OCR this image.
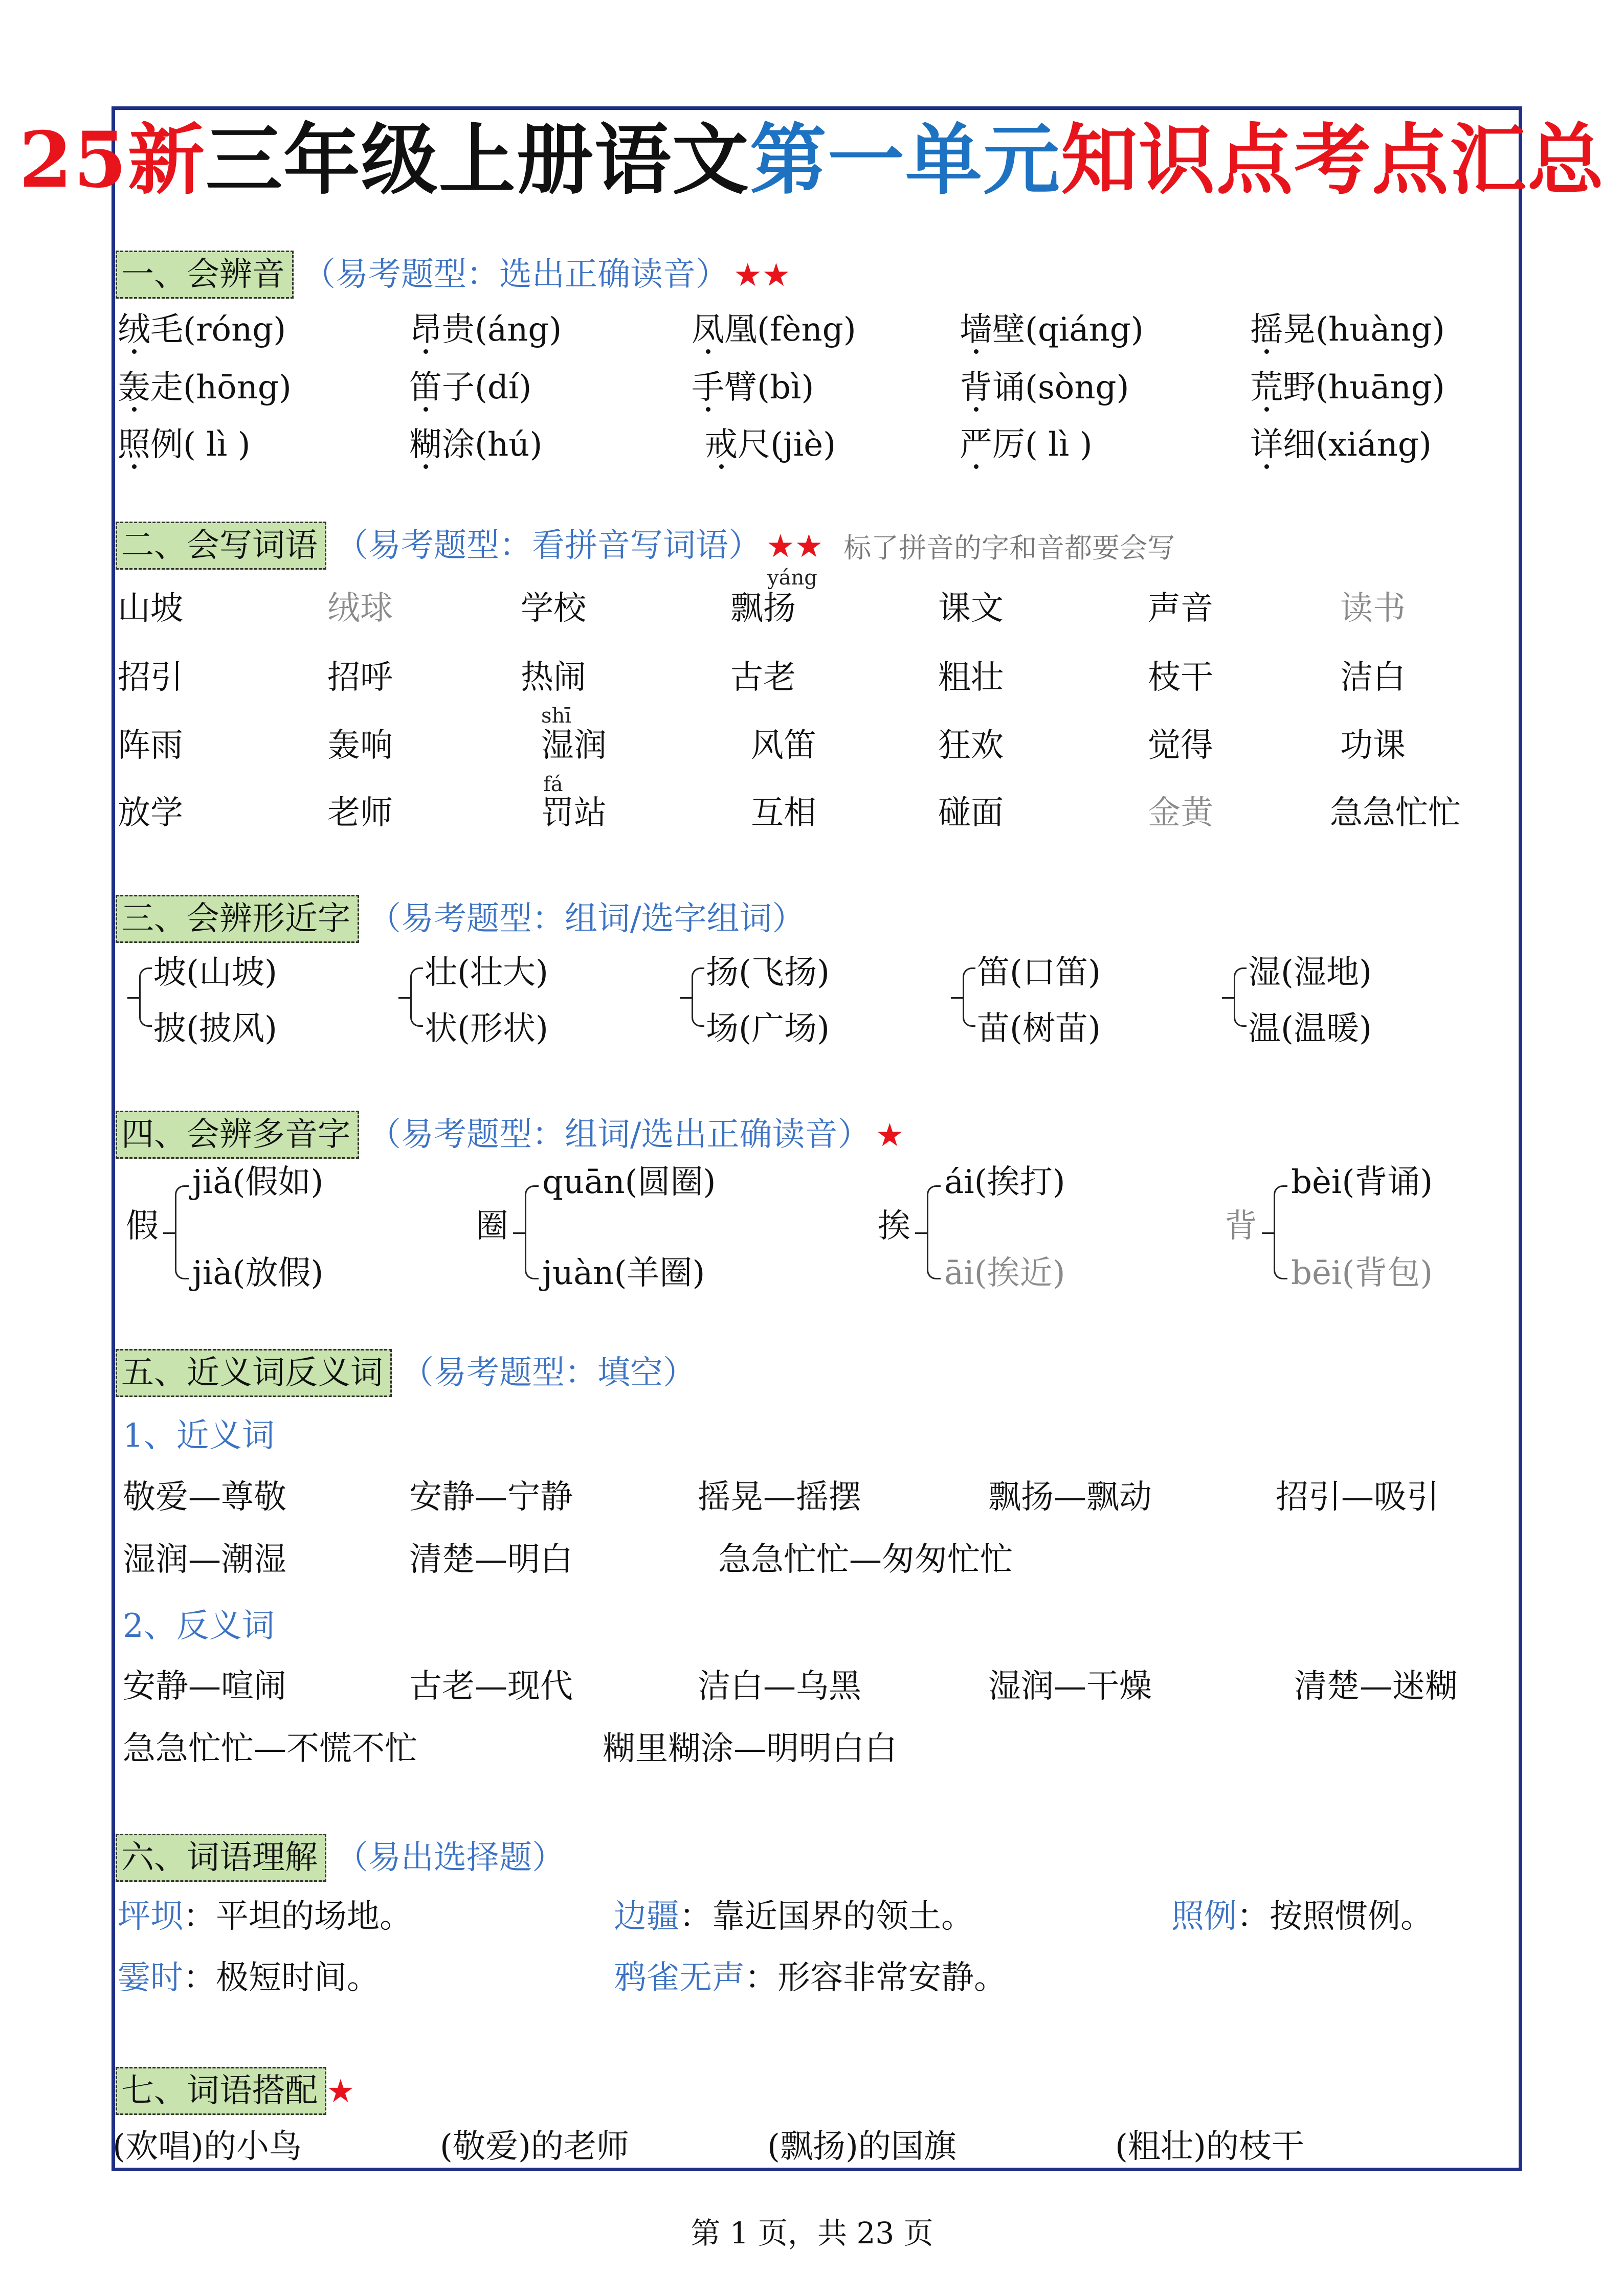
25新三年级上册语文第一单元知识点考点汇总
一、会辨音 （易考题型：选出正确读音） ★★
绒毛(róng)	昂贵(áng)	凤凰(fèng)	墙壁(qiáng)	摇晃(huàng)
轰走(hōng)	笛子(dí)	手臂(bì)	背诵(sòng)	荒野(huāng)
照例( lì )	糊涂(hú)	戒尺(jiè)	严厉( lì )	详细(xiáng)
二、会写词语 （易考题型：看拼音写词语） ★★ 标了拼音的字和音都要会写
yáng
shī
fá
山坡	绒球	学校	飘扬	课文	声音	读书
招引	招呼	热闹	古老	粗壮	枝干	洁白
阵雨	轰响	湿润	风笛	狂欢	觉得	功课
放学	老师	罚站	互相	碰面	金黄	急急忙忙
三、会辨形近字 （易考题型：组词/选字组词）
坡(山坡)
披(披风)
壮(壮大)
状(形状)
扬(飞扬)
场(广场)
笛(口笛)
苗(树苗)
湿(湿地)
温(温暖)
四、会辨多音字 （易考题型：组词/选出正确读音） ★
假
jiǎ(假如)
jià(放假)
圈
quān(圆圈)
juàn(羊圈)
挨
ái(挨打)
āi(挨近)
背
bèi(背诵)
bēi(背包)
五、近义词反义词 （易考题型：填空）
1、近义词
2、反义词
敬爱—尊敬	安静—宁静	摇晃—摇摆	飘扬—飘动	招引—吸引
湿润—潮湿	清楚—明白	急急忙忙—匆匆忙忙
安静—喧闹	古老—现代	洁白—乌黑	湿润—干燥	清楚—迷糊
急急忙忙—不慌不忙	糊里糊涂—明明白白
六、词语理解 （易出选择题）
坪坝：平坦的场地。	边疆：靠近国界的领土。	照例：按照惯例。
霎时：极短时间。	鸦雀无声：形容非常安静。
七、词语搭配 ★
(欢唱)的小鸟	(敬爱)的老师	(飘扬)的国旗	(粗壮)的枝干
第 1 页，共 23 页
